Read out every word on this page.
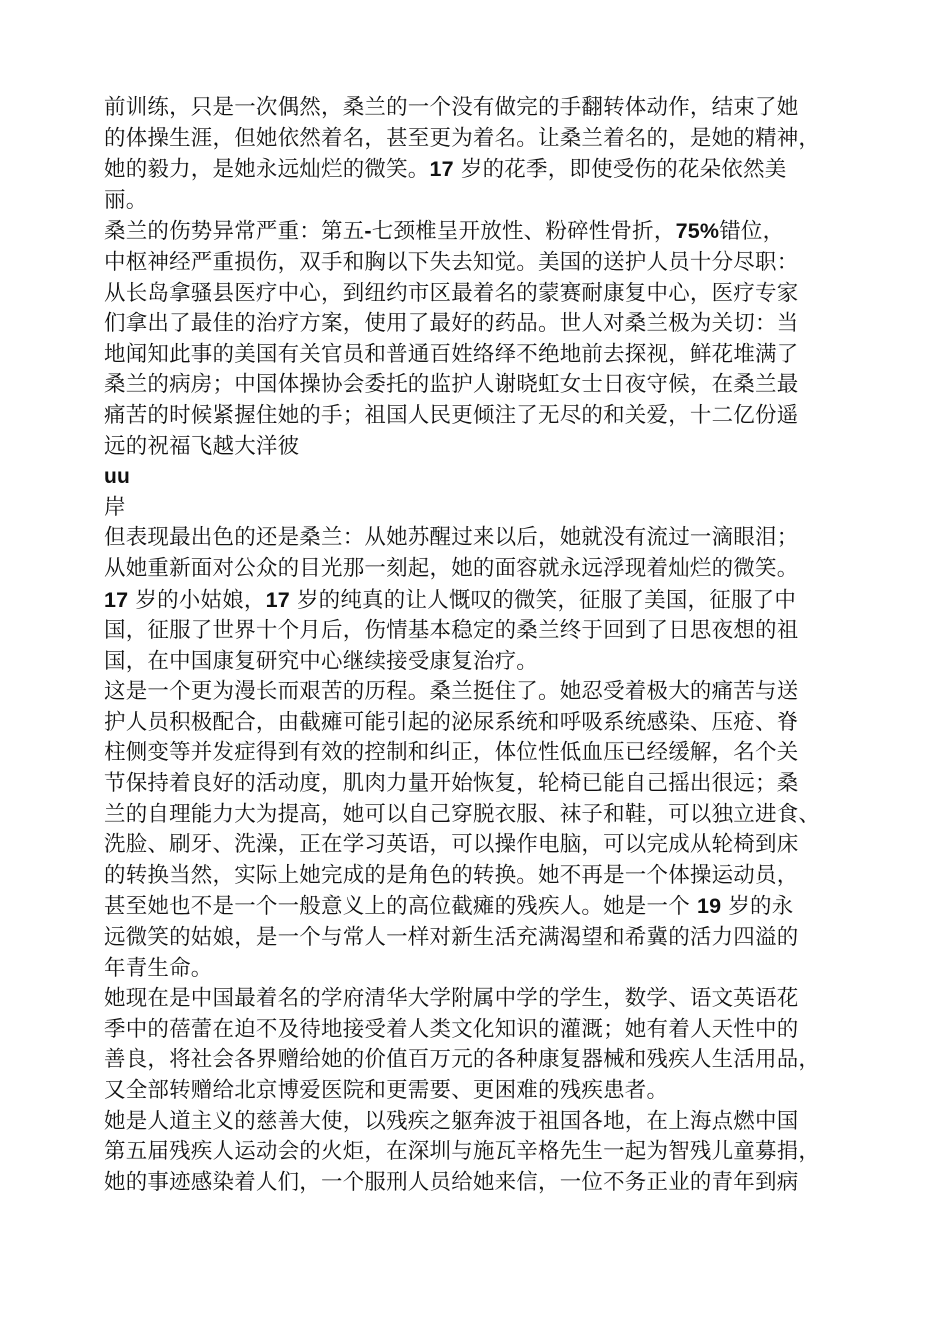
前训练，只是一次偶然，桑兰的一个没有做完的手翻转体动作，结束了她
的体操生涯，但她依然着名，甚至更为着名。让桑兰着名的，是她的精神，
她的毅力，是她永远灿烂的微笑。17 岁的花季，即使受伤的花朵依然美
丽。
桑兰的伤势异常严重：第五-七颈椎呈开放性、粉碎性骨折，75%错位，
中枢神经严重损伤，双手和胸以下失去知觉。美国的送护人员十分尽职：
从长岛拿骚县医疗中心，到纽约市区最着名的蒙赛耐康复中心，医疗专家
们拿出了最佳的治疗方案，使用了最好的药品。世人对桑兰极为关切：当
地闻知此事的美国有关官员和普通百姓络绎不绝地前去探视，鲜花堆满了
桑兰的病房；中国体操协会委托的监护人谢晓虹女士日夜守候，在桑兰最
痛苦的时候紧握住她的手；祖国人民更倾注了无尽的和关爱，十二亿份遥
远的祝福飞越大洋彼
uu
岸
但表现最出色的还是桑兰：从她苏醒过来以后，她就没有流过一滴眼泪；
从她重新面对公众的目光那一刻起，她的面容就永远浮现着灿烂的微笑。
17 岁的小姑娘，17 岁的纯真的让人慨叹的微笑，征服了美国，征服了中
国，征服了世界十个月后，伤情基本稳定的桑兰终于回到了日思夜想的祖
国，在中国康复研究中心继续接受康复治疗。
这是一个更为漫长而艰苦的历程。桑兰挺住了。她忍受着极大的痛苦与送
护人员积极配合，由截瘫可能引起的泌尿系统和呼吸系统感染、压疮、脊
柱侧变等并发症得到有效的控制和纠正，体位性低血压已经缓解，名个关
节保持着良好的活动度，肌肉力量开始恢复，轮椅已能自己摇出很远；桑
兰的自理能力大为提高，她可以自己穿脱衣服、袜子和鞋，可以独立进食、
洗脸、刷牙、洗澡，正在学习英语，可以操作电脑，可以完成从轮椅到床
的转换当然，实际上她完成的是角色的转换。她不再是一个体操运动员，
甚至她也不是一个一般意义上的高位截瘫的残疾人。她是一个 19 岁的永
远微笑的姑娘，是一个与常人一样对新生活充满渴望和希冀的活力四溢的
年青生命。
她现在是中国最着名的学府清华大学附属中学的学生，数学、语文英语花
季中的蓓蕾在迫不及待地接受着人类文化知识的灌溉；她有着人天性中的
善良，将社会各界赠给她的价值百万元的各种康复器械和残疾人生活用品，
又全部转赠给北京博爱医院和更需要、更困难的残疾患者。
她是人道主义的慈善大使，以残疾之躯奔波于祖国各地，在上海点燃中国
第五届残疾人运动会的火炬，在深圳与施瓦辛格先生一起为智残儿童募捐，
她的事迹感染着人们，一个服刑人员给她来信，一位不务正业的青年到病
